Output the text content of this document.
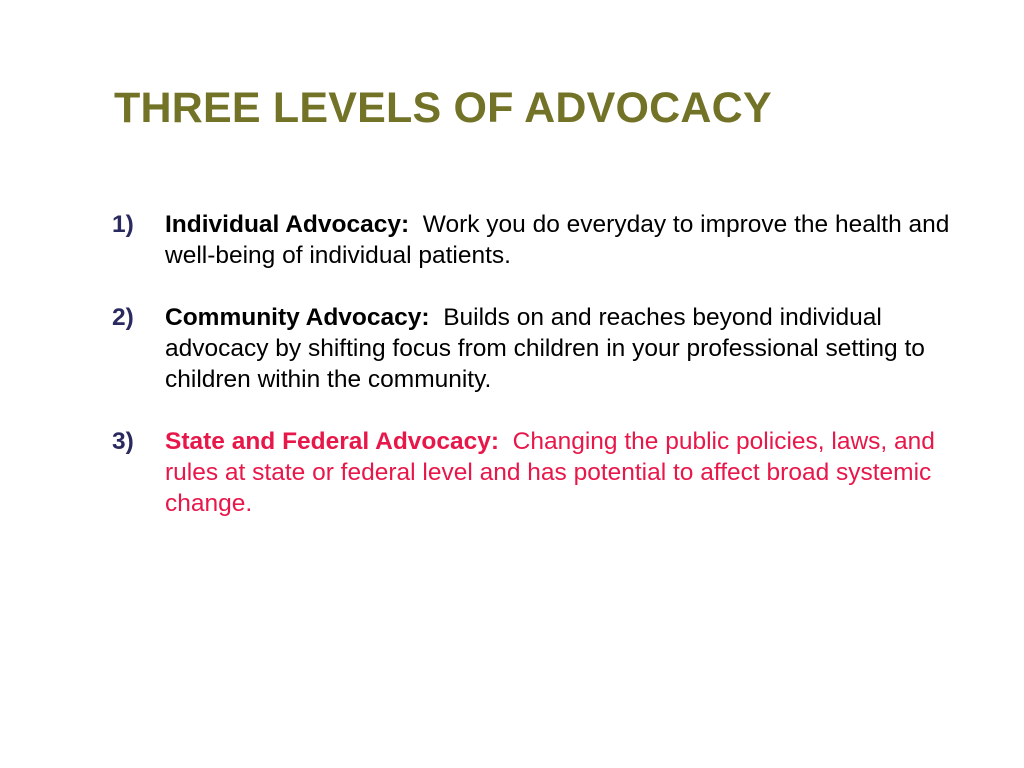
THREE LEVELS OF ADVOCACY
1) Individual Advocacy: Work you do everyday to improve the health and well-being of individual patients.
2) Community Advocacy: Builds on and reaches beyond individual advocacy by shifting focus from children in your professional setting to children within the community.
3) State and Federal Advocacy: Changing the public policies, laws, and rules at state or federal level and has potential to affect broad systemic change.
